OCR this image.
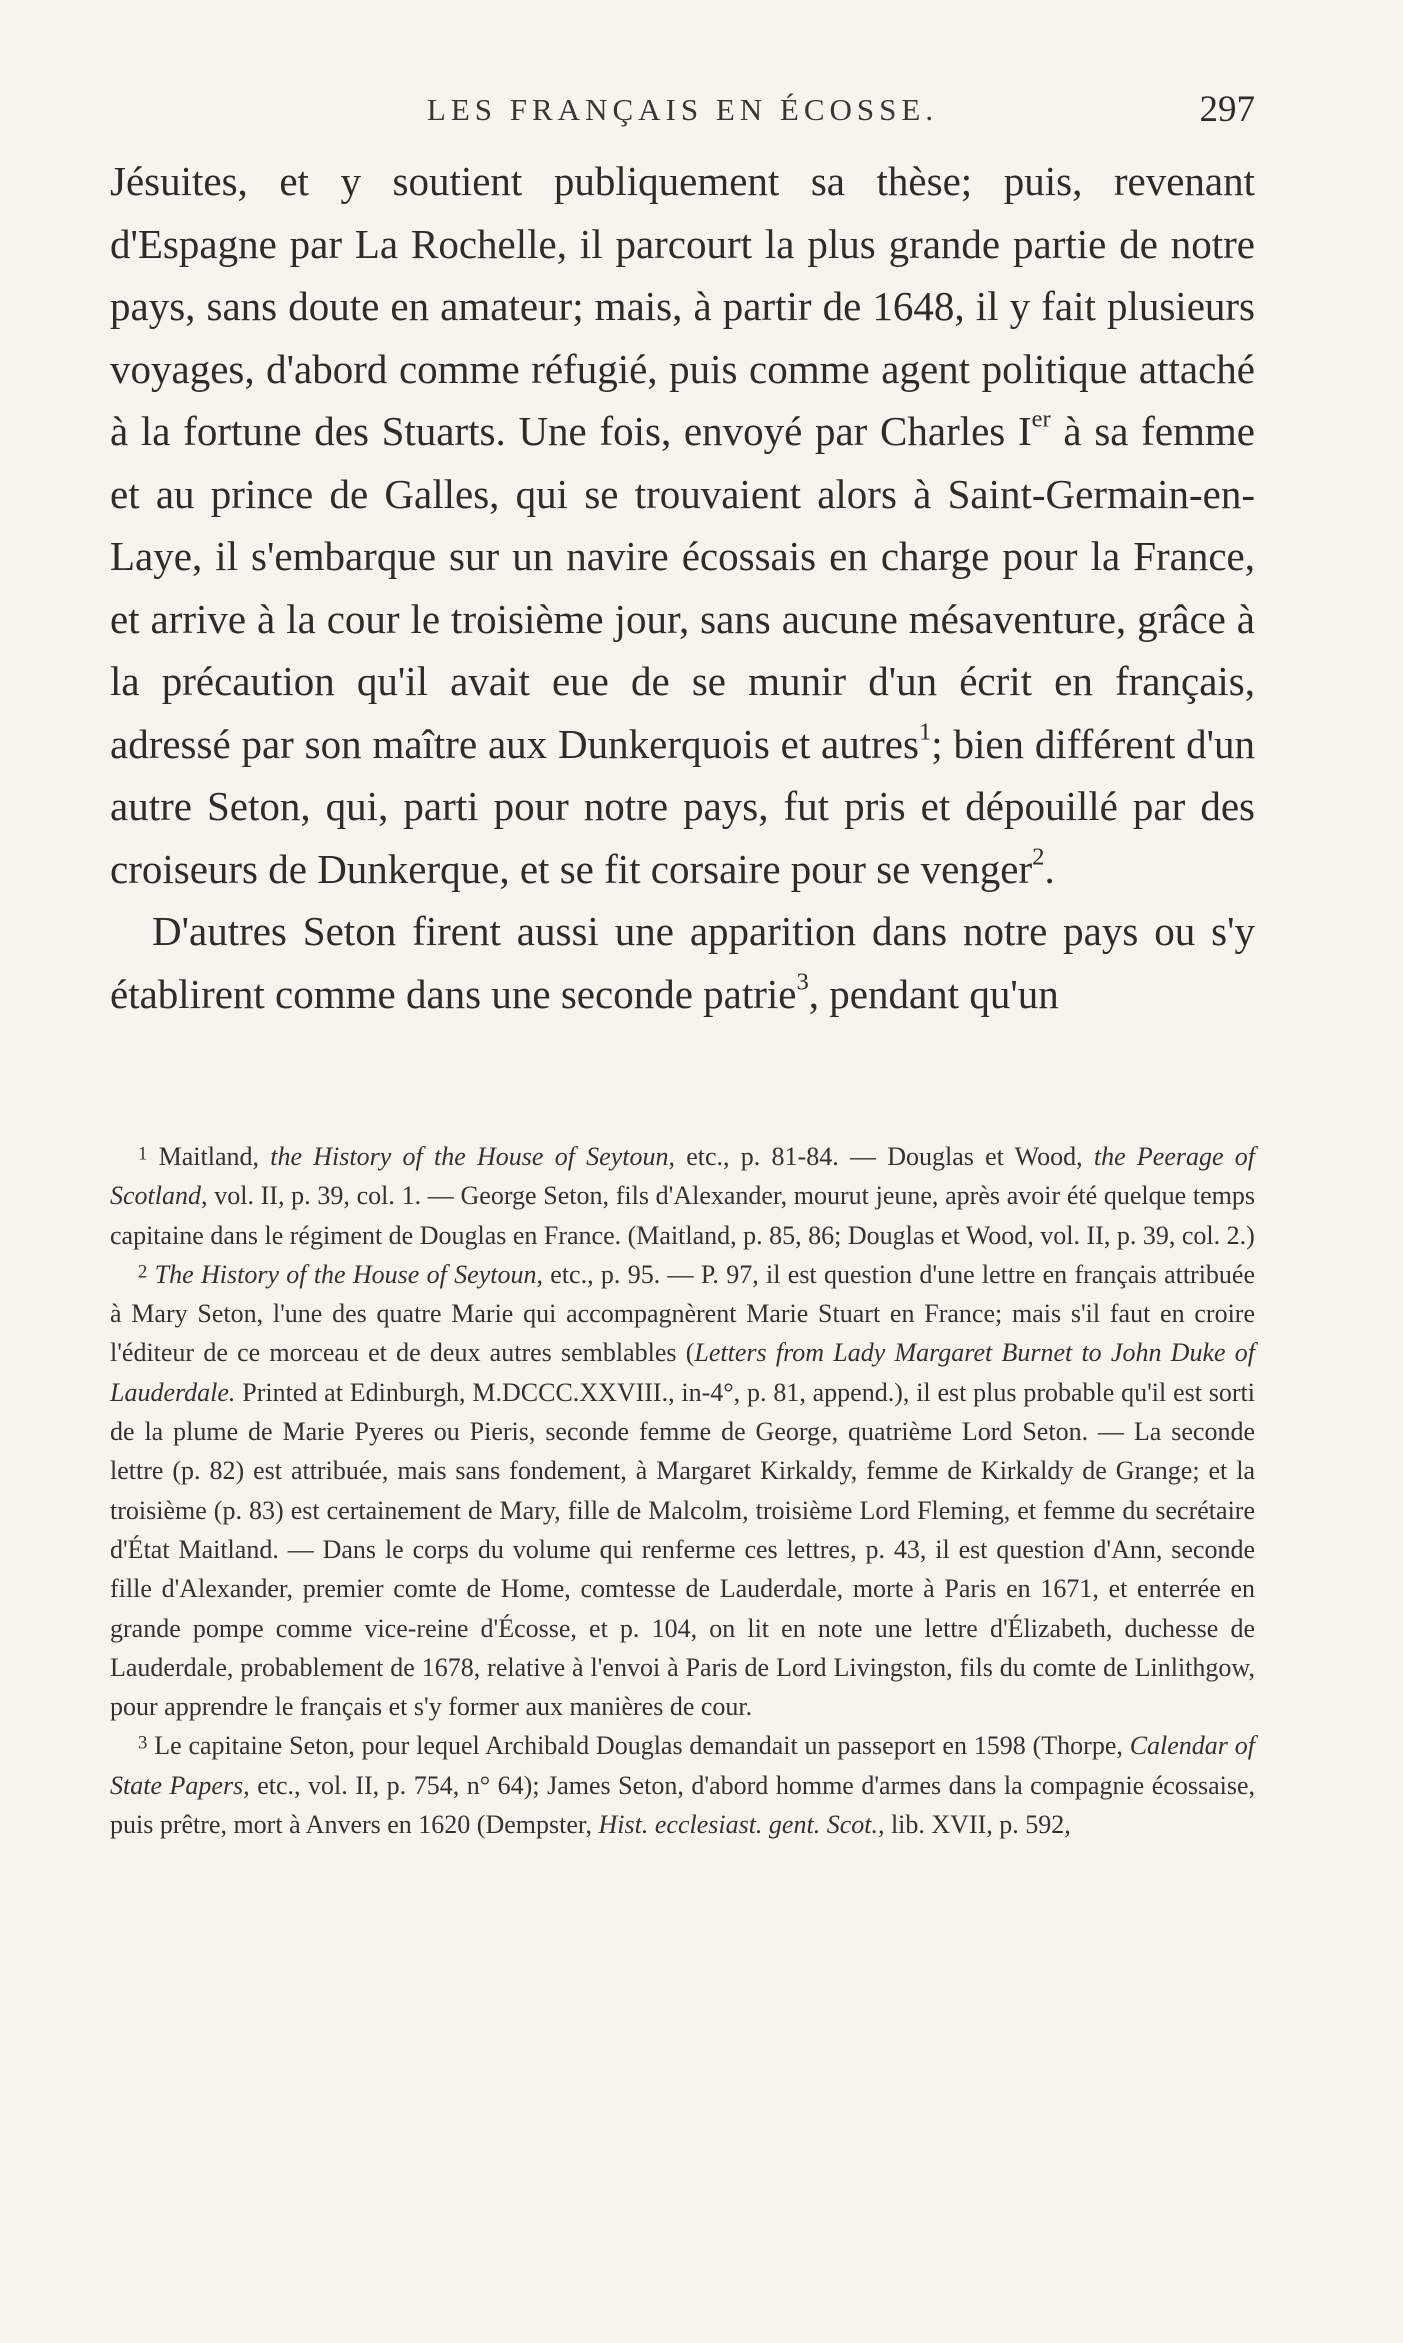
LES FRANÇAIS EN ÉCOSSE.	297

Jésuites, et y soutient publiquement sa thèse; puis, revenant d'Espagne par La Rochelle, il parcourt la plus grande partie de notre pays, sans doute en amateur; mais, à partir de 1648, il y fait plusieurs voyages, d'abord comme réfugié, puis comme agent politique attaché à la fortune des Stuarts. Une fois, envoyé par Charles Ier à sa femme et au prince de Galles, qui se trouvaient alors à Saint-Germain-en-Laye, il s'embarque sur un navire écossais en charge pour la France, et arrive à la cour le troisième jour, sans aucune mésaventure, grâce à la précaution qu'il avait eue de se munir d'un écrit en français, adressé par son maître aux Dunkerquois et autres$^1$; bien différent d'un autre Seton, qui, parti pour notre pays, fut pris et dépouillé par des croiseurs de Dunkerque, et se fit corsaire pour se venger$^2$.

D'autres Seton firent aussi une apparition dans notre pays ou s'y établirent comme dans une seconde patrie$^3$, pendant qu'un

$^1$ Maitland, the History of the House of Seytoun, etc., p. 81-84. — Douglas et Wood, the Peerage of Scotland, vol. II, p. 39, col. 1. — George Seton, fils d'Alexander, mourut jeune, après avoir été quelque temps capitaine dans le régiment de Douglas en France. (Maitland, p. 85, 86; Douglas et Wood, vol. II, p. 39, col. 2.)

$^2$ The History of the House of Seytoun, etc., p. 95. — P. 97, il est question d'une lettre en français attribuée à Mary Seton, l'une des quatre Marie qui accompagnèrent Marie Stuart en France; mais s'il faut en croire l'éditeur de ce morceau et de deux autres semblables (Letters from Lady Margaret Burnet to John Duke of Lauderdale. Printed at Edinburgh, M.DCCC.XXVIII., in-4°, p. 81, append.), il est plus probable qu'il est sorti de la plume de Marie Pyeres ou Pieris, seconde femme de George, quatrième Lord Seton. — La seconde lettre (p. 82) est attribuée, mais sans fondement, à Margaret Kirkaldy, femme de Kirkaldy de Grange; et la troisième (p. 83) est certainement de Mary, fille de Malcolm, troisième Lord Fleming, et femme du secrétaire d'État Maitland. — Dans le corps du volume qui renferme ces lettres, p. 43, il est question d'Ann, seconde fille d'Alexander, premier comte de Home, comtesse de Lauderdale, morte à Paris en 1671, et enterrée en grande pompe comme vice-reine d'Écosse, et p. 104, on lit en note une lettre d'Élizabeth, duchesse de Lauderdale, probablement de 1678, relative à l'envoi à Paris de Lord Livingston, fils du comte de Linlithgow, pour apprendre le français et s'y former aux manières de cour.

$^3$ Le capitaine Seton, pour lequel Archibald Douglas demandait un passeport en 1598 (Thorpe, Calendar of State Papers, etc., vol. II, p. 754, n° 64); James Seton, d'abord homme d'armes dans la compagnie écossaise, puis prêtre, mort à Anvers en 1620 (Dempster, Hist. ecclesiast. gent. Scot., lib. XVII, p. 592,
